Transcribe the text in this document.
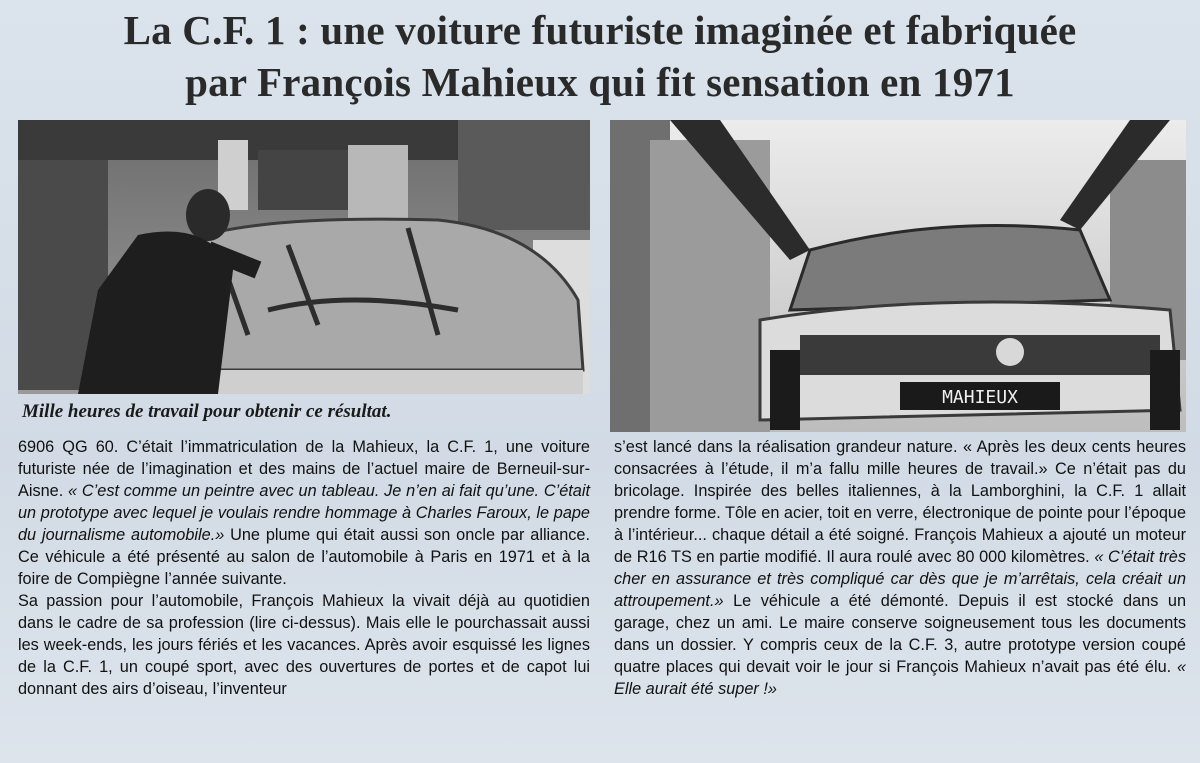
La C.F. 1 : une voiture futuriste imaginée et fabriquée
par François Mahieux qui fit sensation en 1971
MAHIEUX
Mille heures de travail pour obtenir ce résultat.

6906 QG 60. C’était l’immatriculation de la Mahieux, la C.F. 1, une voiture futuriste née de l’imagination et des mains de l’actuel maire de Berneuil-sur-Aisne. « C’est comme un peintre avec un tableau. Je n’en ai fait qu’une. C’était un prototype avec lequel je voulais rendre hommage à Charles Faroux, le pape du journalisme automobile.» Une plume qui était aussi son oncle par alliance. Ce véhicule a été présenté au salon de l’automobile à Paris en 1971 et à la foire de Compiègne l’année suivante.

Sa passion pour l’automobile, François Mahieux la vivait déjà au quotidien dans le cadre de sa profession (lire ci-dessus). Mais elle le pourchassait aussi les week-ends, les jours fériés et les vacances. Après avoir esquissé les lignes de la C.F. 1, un coupé sport, avec des ouvertures de portes et de capot lui donnant des airs d’oiseau, l’inventeur

s’est lancé dans la réalisation grandeur nature. « Après les deux cents heures consacrées à l’étude, il m’a fallu mille heures de travail.» Ce n’était pas du bricolage. Inspirée des belles italiennes, à la Lamborghini, la C.F. 1 allait prendre forme. Tôle en acier, toit en verre, électronique de pointe pour l’époque à l’intérieur... chaque détail a été soigné. François Mahieux a ajouté un moteur de R16 TS en partie modifié. Il aura roulé avec 80 000 kilomètres. « C’était très cher en assurance et très compliqué car dès que je m’arrêtais, cela créait un attroupement.» Le véhicule a été démonté. Depuis il est stocké dans un garage, chez un ami. Le maire conserve soigneusement tous les documents dans un dossier. Y compris ceux de la C.F. 3, autre prototype version coupé quatre places qui devait voir le jour si François Mahieux n’avait pas été élu. « Elle aurait été super !»
